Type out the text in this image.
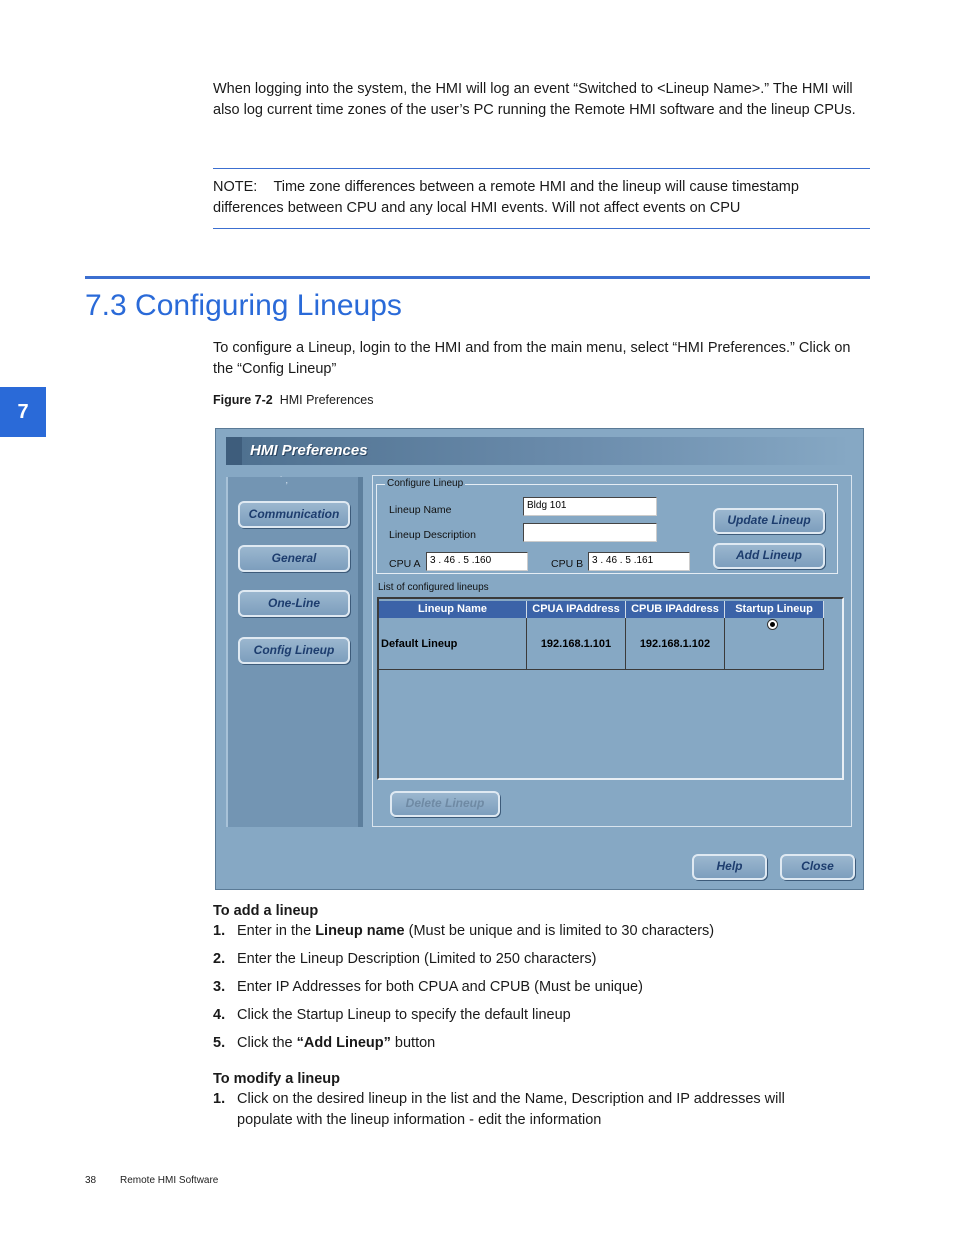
When logging into the system, the HMI will log an event “Switched to <Lineup Name>.” The HMI will also log current time zones of the user’s PC running the Remote HMI software and the lineup CPUs.

NOTE: Time zone differences between a remote HMI and the lineup will cause timestamp differences between CPU and any local HMI events. Will not affect events on CPU

7
7.3 Configuring Lineups

To configure a Lineup, login to the HMI and from the main menu, select “HMI Preferences.” Click on the “Config Lineup”

Figure 7-2 HMI Preferences
HMI Preferences
˙ ,
Communication
General
One-Line
Config Lineup
Configure Lineup
Lineup Name	Bldg 101
Lineup Description
CPU A 3 . 46 . 5 .160	CPU B 3 . 46 . 5 .161
Update Lineup
Add Lineup
List of configured lineups
Lineup Name	CPUA IPAddress	CPUB IPAddress	Startup Lineup
Default Lineup	192.168.1.101	192.168.1.102
Delete Lineup
Help	Close
To add a lineup
1. Enter in the Lineup name (Must be unique and is limited to 30 characters)
2. Enter the Lineup Description (Limited to 250 characters)
3. Enter IP Addresses for both CPUA and CPUB (Must be unique)
4. Click the Startup Lineup to specify the default lineup
5. Click the “Add Lineup” button
To modify a lineup
1. Click on the desired lineup in the list and the Name, Description and IP addresses will populate with the lineup information - edit the information
38 Remote HMI Software
